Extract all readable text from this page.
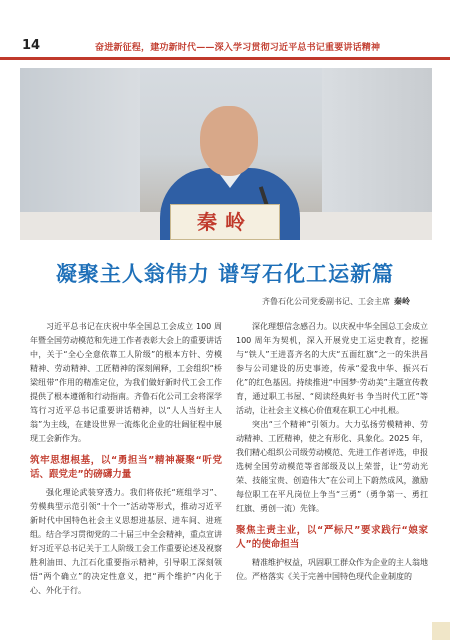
14	奋进新征程，建功新时代——深入学习贯彻习近平总书记重要讲话精神
秦岭
凝聚主人翁伟力 谱写石化工运新篇
齐鲁石化公司党委副书记、工会主席 秦岭

习近平总书记在庆祝中华全国总工会成立 100 周年暨全国劳动模范和先进工作者表彰大会上的重要讲话中，关于“全心全意依靠工人阶级”的根本方针、劳模精神、劳动精神、工匠精神的深刻阐释，工会组织“桥梁纽带”作用的精准定位，为我们做好新时代工会工作提供了根本遵循和行动指南。齐鲁石化公司工会将深学笃行习近平总书记重要讲话精神，以“人人当好主人翁”为主线，在建设世界一流炼化企业的壮阔征程中展现工会新作为。

筑牢思想根基，以“勇担当”精神凝聚“听党话、跟党走”的磅礴力量

强化理论武装穿透力。我们将依托“班组学习”、劳模典型示范引领“十个一”活动等形式，推动习近平新时代中国特色社会主义思想进基层、进车间、进班组。结合学习贯彻党的二十届三中全会精神，重点宣讲好习近平总书记关于工人阶级工会工作重要论述及视察胜利油田、九江石化重要指示精神，引导职工深刻领悟“两个确立”的决定性意义，把“两个维护”内化于心、外化于行。

深化理想信念感召力。以庆祝中华全国总工会成立 100 周年为契机，深入开展党史工运史教育，挖掘与“铁人”王进喜齐名的大庆“五面红旗”之一的朱洪昌参与公司建设的历史事迹，传承“爱我中华、振兴石化”的红色基因。持续推进“中国梦·劳动美”主题宣传教育，通过职工书屋、“阅读经典好书 争当时代工匠”等活动，让社会主义核心价值观在职工心中扎根。

突出“三个精神”引领力。大力弘扬劳模精神、劳动精神、工匠精神，使之有形化、具象化。2025 年，我们精心组织公司级劳动模范、先进工作者评选，申报选树全国劳动模范等省部级及以上荣誉，让“劳动光荣、技能宝贵、创造伟大”在公司上下蔚然成风，激励每位职工在平凡岗位上争当“三勇”（勇争第一、勇扛红旗、勇创一流）先锋。

聚焦主责主业，以“严标尺”要求践行“娘家人”的使命担当

精准维护权益，巩固职工群众作为企业的主人翁地位。严格落实《关于完善中国特色现代企业制度的
